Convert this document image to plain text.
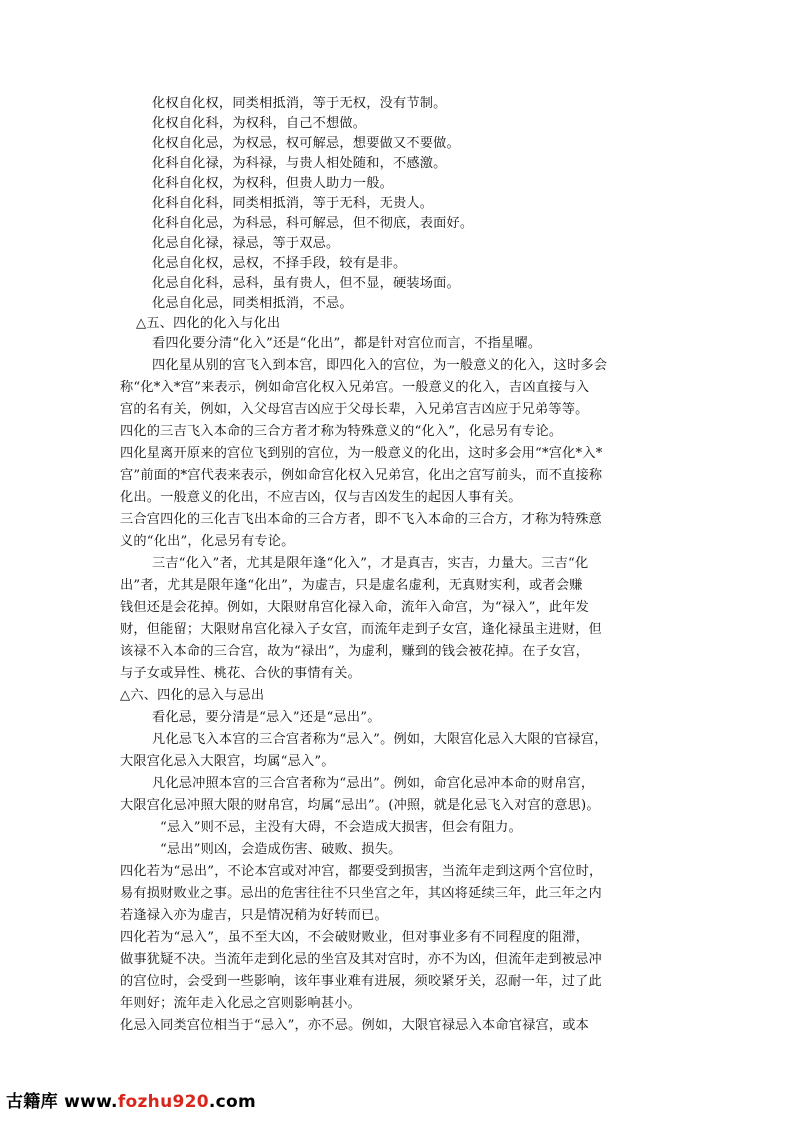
化权自化权，同类相抵消，等于无权，没有节制。
化权自化科，为权科，自己不想做。
化权自化忌，为权忌，权可解忌，想要做又不要做。
化科自化禄，为科禄，与贵人相处随和，不感激。
化科自化权，为权科，但贵人助力一般。
化科自化科，同类相抵消，等于无科，无贵人。
化科自化忌，为科忌，科可解忌，但不彻底，表面好。
化忌自化禄，禄忌，等于双忌。
化忌自化权，忌权，不择手段，较有是非。
化忌自化科，忌科，虽有贵人，但不显，硬装场面。
化忌自化忌，同类相抵消，不忌。
△五、四化的化入与化出
看四化要分清“化入”还是“化出”，都是针对宫位而言，不指星曜。
四化星从别的宫飞入到本宫，即四化入的宫位，为一般意义的化入，这时多会
称“化*入*宫”来表示，例如命宫化权入兄弟宫。一般意义的化入，吉凶直接与入
宫的名有关，例如，入父母宫吉凶应于父母长辈，入兄弟宫吉凶应于兄弟等等。
四化的三吉飞入本命的三合方者才称为特殊意义的“化入”，化忌另有专论。
四化星离开原来的宫位飞到别的宫位，为一般意义的化出，这时多会用“*宫化*入*
宫”前面的*宫代表来表示，例如命宫化权入兄弟宫，化出之宫写前头，而不直接称
化出。一般意义的化出，不应吉凶，仅与吉凶发生的起因人事有关。
三合宫四化的三化吉飞出本命的三合方者，即不飞入本命的三合方，才称为特殊意
义的“化出”，化忌另有专论。
三吉“化入”者，尤其是限年逢“化入”，才是真吉，实吉，力量大。三吉“化
出”者，尤其是限年逢“化出”，为虚吉，只是虚名虚利，无真财实利，或者会赚
钱但还是会花掉。例如，大限财帛宫化禄入命，流年入命宫，为“禄入”，此年发
财，但能留；大限财帛宫化禄入子女宫，而流年走到子女宫，逢化禄虽主进财，但
该禄不入本命的三合宫，故为“禄出”，为虚利，赚到的钱会被花掉。在子女宫，
与子女或异性、桃花、合伙的事情有关。
△六、四化的忌入与忌出
看化忌，要分清是“忌入”还是“忌出”。
凡化忌飞入本宫的三合宫者称为“忌入”。例如，大限宫化忌入大限的官禄宫，
大限宫化忌入大限宫，均属“忌入”。
凡化忌冲照本宫的三合宫者称为“忌出”。例如，命宫化忌冲本命的财帛宫，
大限宫化忌冲照大限的财帛宫，均属“忌出”。(冲照，就是化忌飞入对宫的意思)。
“忌入”则不忌，主没有大碍，不会造成大损害，但会有阻力。
“忌出”则凶，会造成伤害、破败、损失。
四化若为“忌出”，不论本宫或对冲宫，都要受到损害，当流年走到这两个宫位时，
易有损财败业之事。忌出的危害往往不只坐宫之年，其凶将延续三年，此三年之内
若逢禄入亦为虚吉，只是情况稍为好转而已。
四化若为“忌入”，虽不至大凶，不会破财败业，但对事业多有不同程度的阻滞，
做事犹疑不决。当流年走到化忌的坐宫及其对宫时，亦不为凶，但流年走到被忌冲
的宫位时，会受到一些影响，该年事业难有进展，须咬紧牙关，忍耐一年，过了此
年则好；流年走入化忌之宫则影响甚小。
化忌入同类宫位相当于“忌入”，亦不忌。例如，大限官禄忌入本命官禄宫，或本
古籍库 www.fozhu920.com
